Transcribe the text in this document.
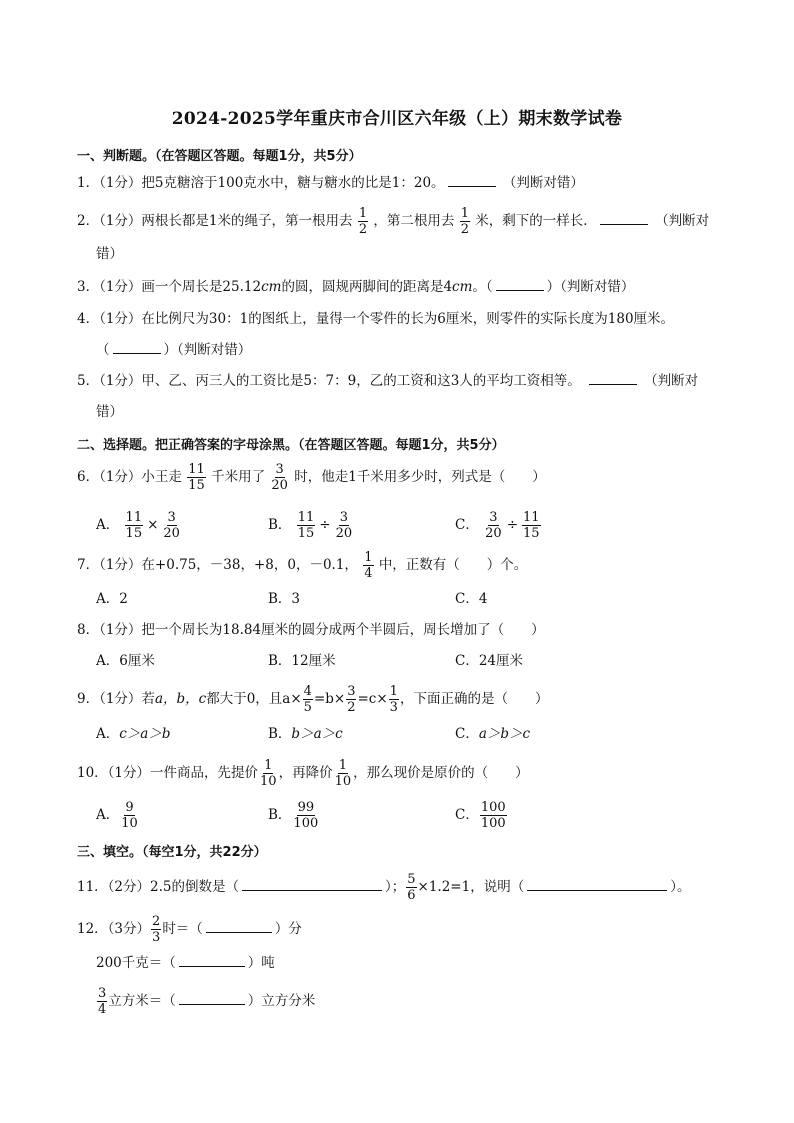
2024-2025学年重庆市合川区六年级（上）期末数学试卷
一、判断题。（在答题区答题。每题1分，共5分）
1．（1分）把5克糖溶于100克水中，糖与糖水的比是1：20。	（判断对错）
2．（1分）两根长都是1米的绳子，第一根用去 $\frac{1}{2}$ ，第二根用去 $\frac{1}{2}$ 米，剩下的一样长．	（判断对
错）
3．（1分）画一个周长是25.12cm的圆，圆规两脚间的距离是4cm。（	）（判断对错）
4．（1分）在比例尺为30：1的图纸上，量得一个零件的长为6厘米，则零件的实际长度为180厘米。
（	）（判断对错）
5．（1分）甲、乙、丙三人的工资比是5：7：9，乙的工资和这3人的平均工资相等。	（判断对
错）
二、选择题。把正确答案的字母涂黑。（在答题区答题。每题1分，共5分）
6．（1分）小王走 $\frac{11}{15}$ 千米用了 $\frac{3}{20}$ 时，他走1千米用多少时，列式是（　　）
A． $\frac{11}{15} \times \frac{3}{20}$	B． $\frac{11}{15} \div \frac{3}{20}$	C． $\frac{3}{20} \div \frac{11}{15}$
7．（1分）在+0.75，－38，+8，0，－0.1， $\frac{1}{4}$ 中，正数有（　　）个。
A．2	B．3	C．4
8．（1分）把一个周长为18.84厘米的圆分成两个半圆后，周长增加了（　　）
A．6厘米	B．12厘米	C．24厘米
9．（1分）若a，b，c都大于0，且$a\times \frac{4}{5} =b\times \frac{3}{2} =c\times \frac{1}{3}$ ，下面正确的是（　　）
A．c＞a＞b	B．b＞a＞c	C．a＞b＞c
10．（1分）一件商品，先提价 $\frac{1}{10}$ ，再降价 $\frac{1}{10}$ ，那么现价是原价的（　　）
A． $\frac{9}{10}$	B． $\frac{99}{100}$	C． $\frac{100}{100}$
三、填空。（每空1分，共22分）
11．（2分）2.5的倒数是（	）； $\frac{5}{6} \times 1.2=1$，说明（	）。
12．（3分） $\frac{2}{3}$ 时＝（	）分
200千克＝（	）吨
$\frac{3}{4}$ 立方米＝（	）立方分米
